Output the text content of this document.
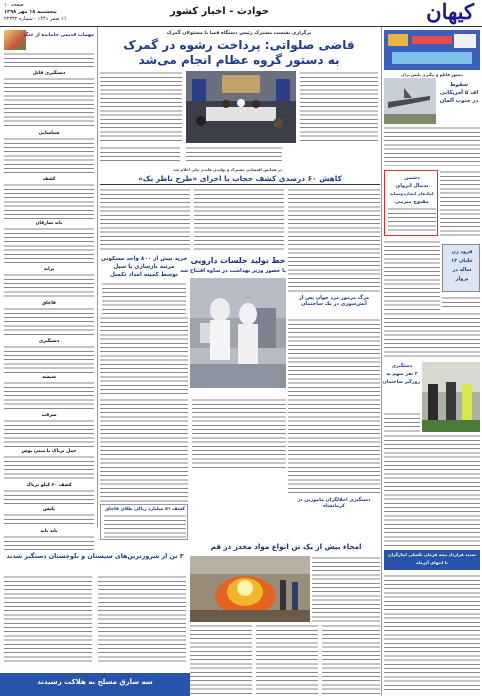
کیهان
حوادث - اخبار کشور
صفحه ۱۰
پنجشنبه ۱۸ مهر ۱۳۹۸
۱۱ صفر ۱۴۴۱ - شماره ۲۲۳۳۲
مهمات قدیمی جامانده از جنگ
دستگیری قاتل
شناسایی
کشف
باند سارقان
پراید
قاچاق
دستگیری
شیشه
سرقت
حمل تریاک با مینی بوس
کشف ۶۰ کیلو تریاک
پلیس
باند باید
۳ تن از شرورترین‌های سیستان و بلوچستان دستگیر شدند
سه سارق مسلح به هلاکت رسیدند
برگزاری نشست مشترک رئیس دستگاه قضا با مسئولان گمرک
قاضی صلواتی: پرداخت رشوه در گمرک
به دستور گروه عظام انجام می‌شد
در همایش اقتصادی مشترک و تولیدی هلندی ملی اعلام شد
کاهش ۶۰ درصدی کشف حجاب با اجرای «طرح ناظر یک»
خرید بیش از ۸۰۰ واحد مسکونی
مرتبه بازسازی با سیل
توسط کمیته امداد تکمیل
خط تولید جلسات دارویی
با حضور وزیر بهداشت در ساوه افتتاح شد
مرگ مرموز مرد جوان پس از آتش‌سوزی در یک ساختمان
دستگیری اخلالگران مامورین در کرمانشاه
کشف ۵۱ میلیارد ریالی طلای قاچاق
امحاء بیش از یک تن انواع مواد مخدر در قم
دستور قاطع و پیگیری پلیس برای
سقوط
اف ۵ آمریکایی
در جنوب آلمان
دشمن
بدنبال انزوای
کمک‌های انسان‌دوستانه
مفتوح مبرمی
فرود زن
خلبان ۱۳
ساله در
پرواز
دستگیری
۲ نفر متهم به
زورگیر ساختمان
تمدید قرارداد بیمه فرمان تکمیلی ایثارگران
تا انتهای آذرماه
